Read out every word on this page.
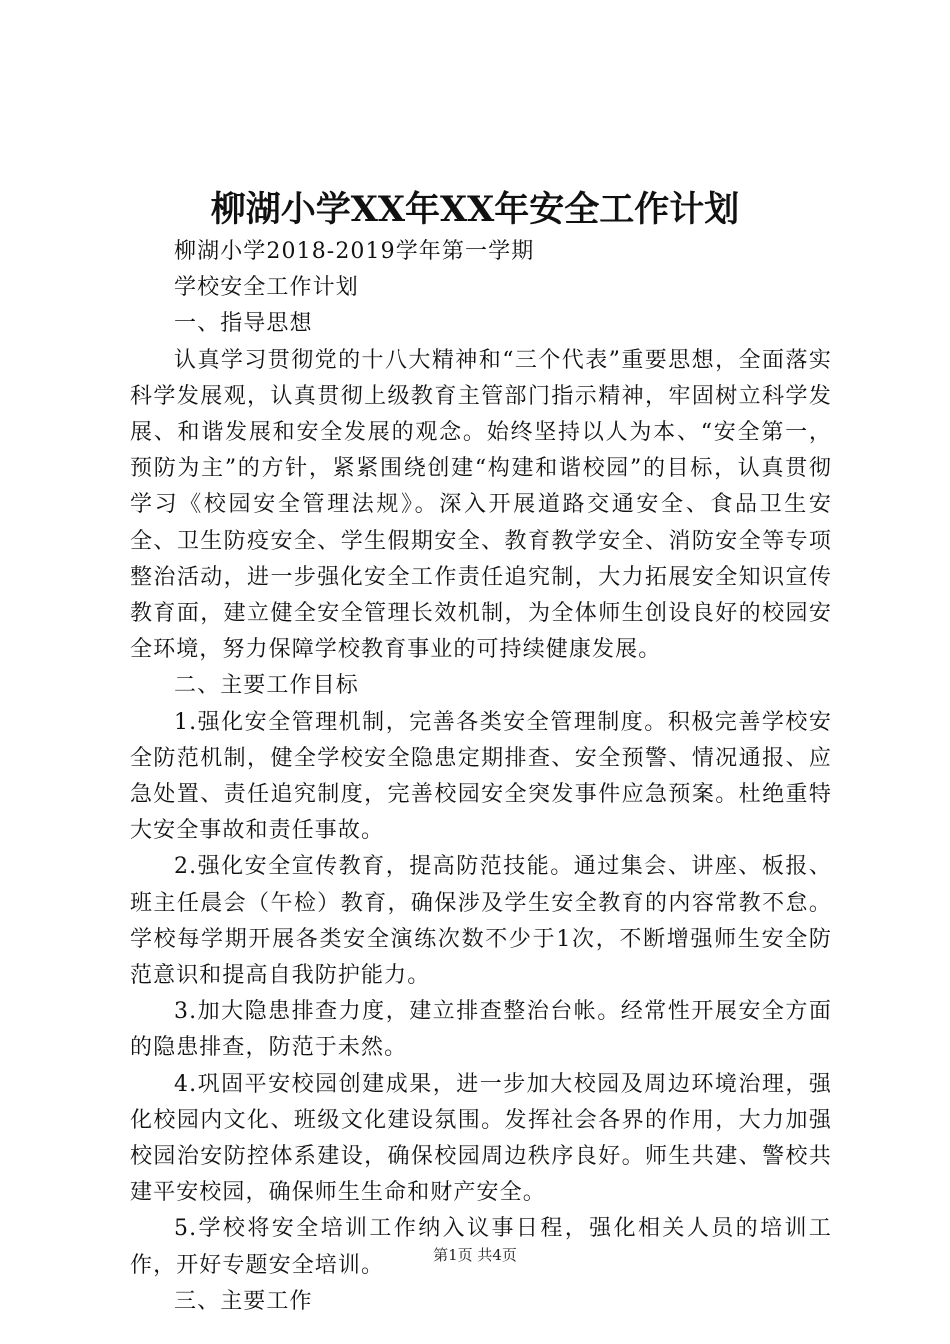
柳湖小学XX年XX年安全工作计划

柳湖小学2018-2019学年第一学期

学校安全工作计划

一、指导思想

认真学习贯彻党的十八大精神和“三个代表”重要思想，全面落实科学发展观，认真贯彻上级教育主管部门指示精神，牢固树立科学发展、和谐发展和安全发展的观念。始终坚持以人为本、“安全第一，预防为主”的方针，紧紧围绕创建“构建和谐校园”的目标，认真贯彻学习《校园安全管理法规》。深入开展道路交通安全、食品卫生安全、卫生防疫安全、学生假期安全、教育教学安全、消防安全等专项整治活动，进一步强化安全工作责任追究制，大力拓展安全知识宣传教育面，建立健全安全管理长效机制，为全体师生创设良好的校园安全环境，努力保障学校教育事业的可持续健康发展。

二、主要工作目标

1.强化安全管理机制，完善各类安全管理制度。积极完善学校安全防范机制，健全学校安全隐患定期排查、安全预警、情况通报、应急处置、责任追究制度，完善校园安全突发事件应急预案。杜绝重特大安全事故和责任事故。

2.强化安全宣传教育，提高防范技能。通过集会、讲座、板报、班主任晨会（午检）教育，确保涉及学生安全教育的内容常教不怠。学校每学期开展各类安全演练次数不少于1次，不断增强师生安全防范意识和提高自我防护能力。

3.加大隐患排查力度，建立排查整治台帐。经常性开展安全方面的隐患排查，防范于未然。

4.巩固平安校园创建成果，进一步加大校园及周边环境治理，强化校园内文化、班级文化建设氛围。发挥社会各界的作用，大力加强校园治安防控体系建设，确保校园周边秩序良好。师生共建、警校共建平安校园，确保师生生命和财产安全。

5.学校将安全培训工作纳入议事日程，强化相关人员的培训工作，开好专题安全培训。

三、主要工作

第1页 共4页
